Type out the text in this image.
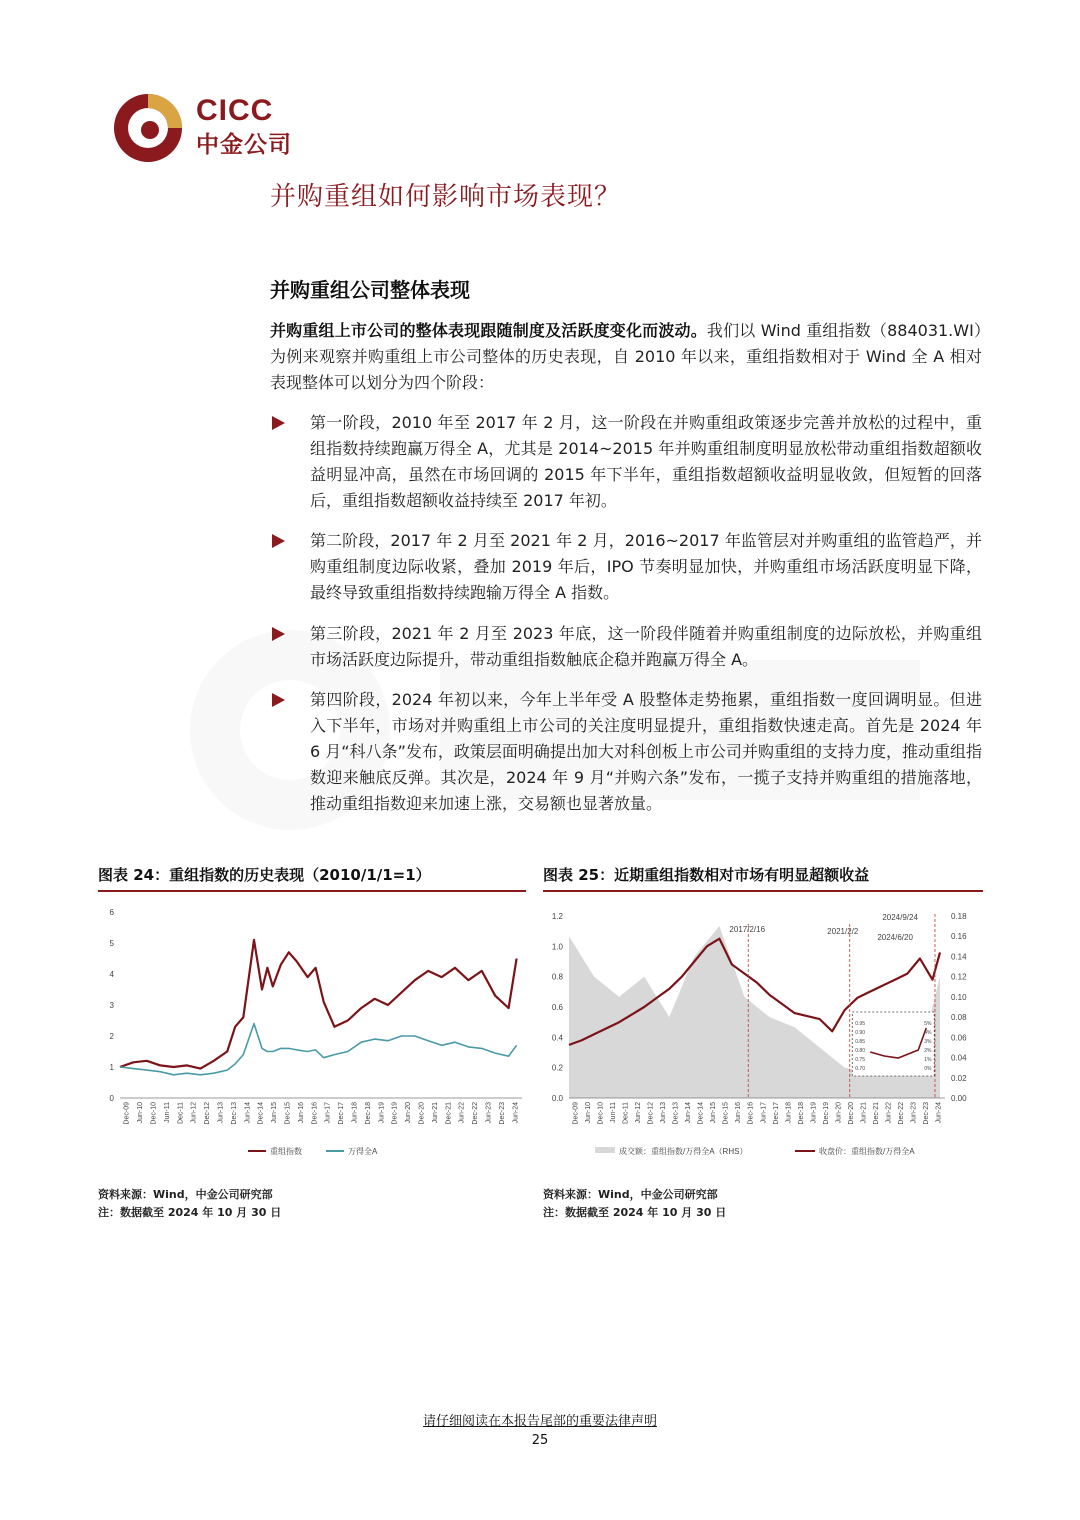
CICC
中金公司
并购重组如何影响市场表现？
并购重组公司整体表现
并购重组上市公司的整体表现跟随制度及活跃度变化而波动。我们以 Wind 重组指数（884031.WI）为例来观察并购重组上市公司整体的历史表现，自 2010 年以来，重组指数相对于 Wind 全 A 相对表现整体可以划分为四个阶段：
第一阶段，2010 年至 2017 年 2 月，这一阶段在并购重组政策逐步完善并放松的过程中，重组指数持续跑赢万得全 A，尤其是 2014~2015 年并购重组制度明显放松带动重组指数超额收益明显冲高，虽然在市场回调的 2015 年下半年，重组指数超额收益明显收敛，但短暂的回落后，重组指数超额收益持续至 2017 年初。
第二阶段，2017 年 2 月至 2021 年 2 月，2016~2017 年监管层对并购重组的监管趋严，并购重组制度边际收紧，叠加 2019 年后，IPO 节奏明显加快，并购重组市场活跃度明显下降，最终导致重组指数持续跑输万得全 A 指数。
第三阶段，2021 年 2 月至 2023 年底，这一阶段伴随着并购重组制度的边际放松，并购重组市场活跃度边际提升，带动重组指数触底企稳并跑赢万得全 A。
第四阶段，2024 年初以来，今年上半年受 A 股整体走势拖累，重组指数一度回调明显。但进入下半年，市场对并购重组上市公司的关注度明显提升，重组指数快速走高。首先是 2024 年 6 月“科八条”发布，政策层面明确提出加大对科创板上市公司并购重组的支持力度，推动重组指数迎来触底反弹。其次是，2024 年 9 月“并购六条”发布，一揽子支持并购重组的措施落地，推动重组指数迎来加速上涨，交易额也显著放量。
图表 24：重组指数的历史表现（2010/1/1=1）	图表 25：近期重组指数相对市场有明显超额收益
0
1
2
3
4
5
6
Dec-09 Jun-10 Dec-10 Jun-11 Dec-11 Jun-12 Dec-12 Jun-13 Dec-13 Jun-14 Dec-14 Jun-15 Dec-15 Jun-16 Dec-16 Jun-17 Dec-17 Jun-18 Dec-18 Jun-19 Dec-19 Jun-20 Dec-20 Jun-21 Dec-21 Jun-22 Dec-22 Jun-23 Dec-23 Jun-24
重组指数	万得全A
0.00
0.02
0.04
0.06
0.08
0.10
0.12
0.14
0.16
0.18
0.0
0.2
0.4
0.6
0.8
1.0
1.2
Dec-09 Jun-10 Dec-10 Jun-11 Dec-11 Jun-12 Dec-12 Jun-13 Dec-13 Jun-14 Dec-14 Jun-15 Dec-15 Jun-16 Dec-16 Jun-17 Dec-17 Jun-18 Dec-18 Jun-19 Dec-19 Jun-20 Dec-20 Jun-21 Dec-21 Jun-22 Dec-22 Jun-23 Dec-23 Jun-24
2017/2/16	2021/2/2
2024/9/24
2024/6/20
0.70
0.75
0.80
0.85
0.90
0.95
0%
1%
2%
3%
4%
5%
成交额：重组指数/万得全A（RHS）	收盘价：重组指数/万得全A
资料来源：Wind，中金公司研究部
注：数据截至 2024 年 10 月 30 日
资料来源：Wind，中金公司研究部
注：数据截至 2024 年 10 月 30 日
请仔细阅读在本报告尾部的重要法律声明
25
